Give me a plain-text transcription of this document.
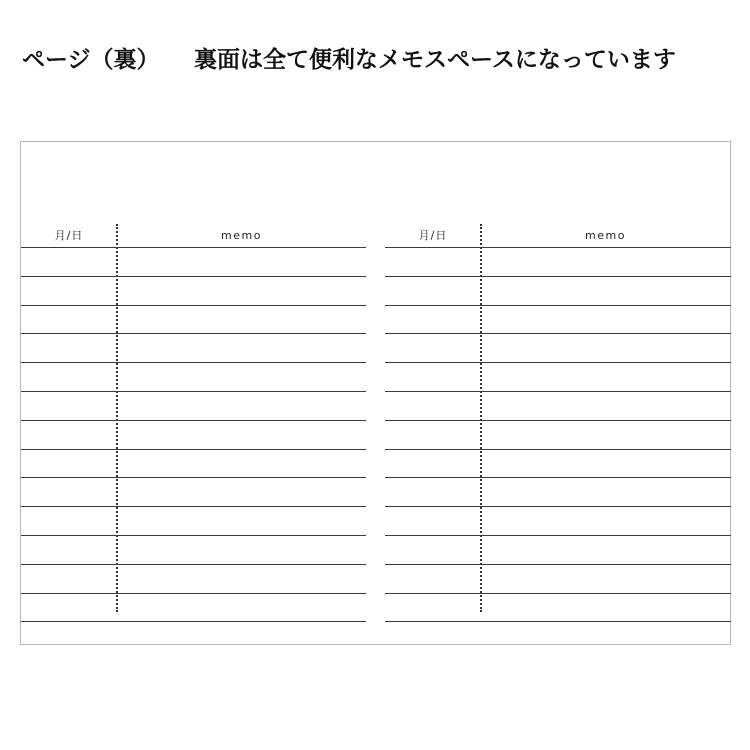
ページ（裏） 裏面は全て便利なメモスペースになっています
月/日	memo	月/日	memo
